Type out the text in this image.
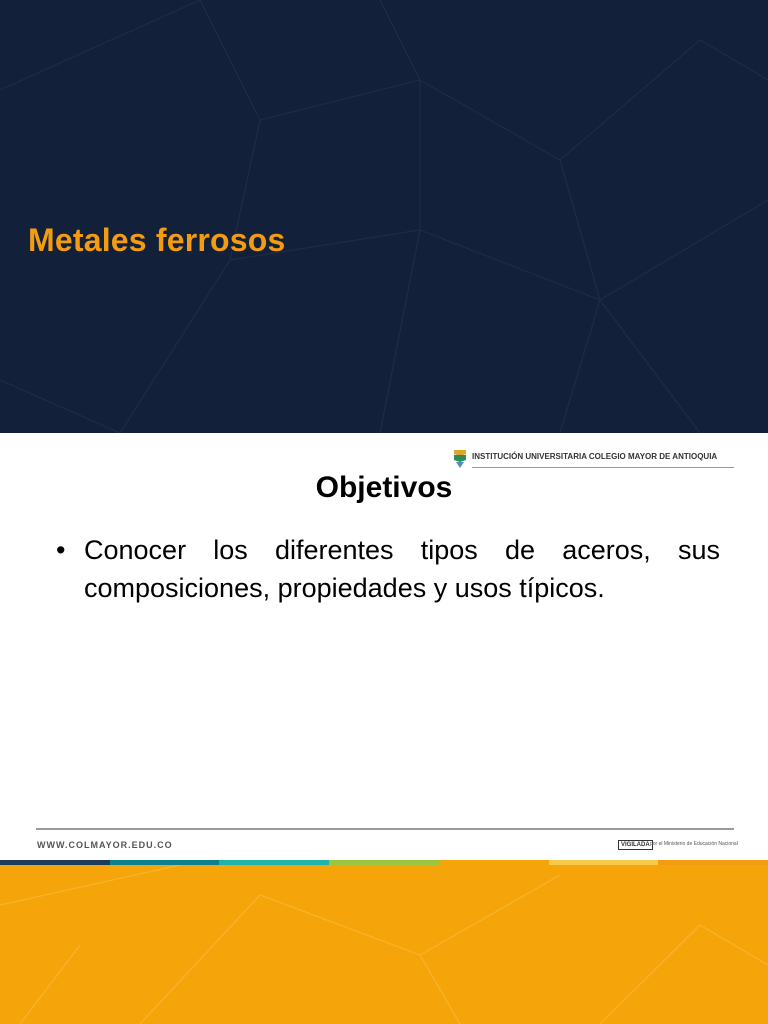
Metales ferrosos
INSTITUCIÓN UNIVERSITARIA COLEGIO MAYOR DE ANTIOQUIA
Objetivos
• Conocer los diferentes tipos de aceros, sus composiciones, propiedades y usos típicos.
WWW.COLMAYOR.EDU.CO	VIGILADA por el Ministerio de Educación Nacional
